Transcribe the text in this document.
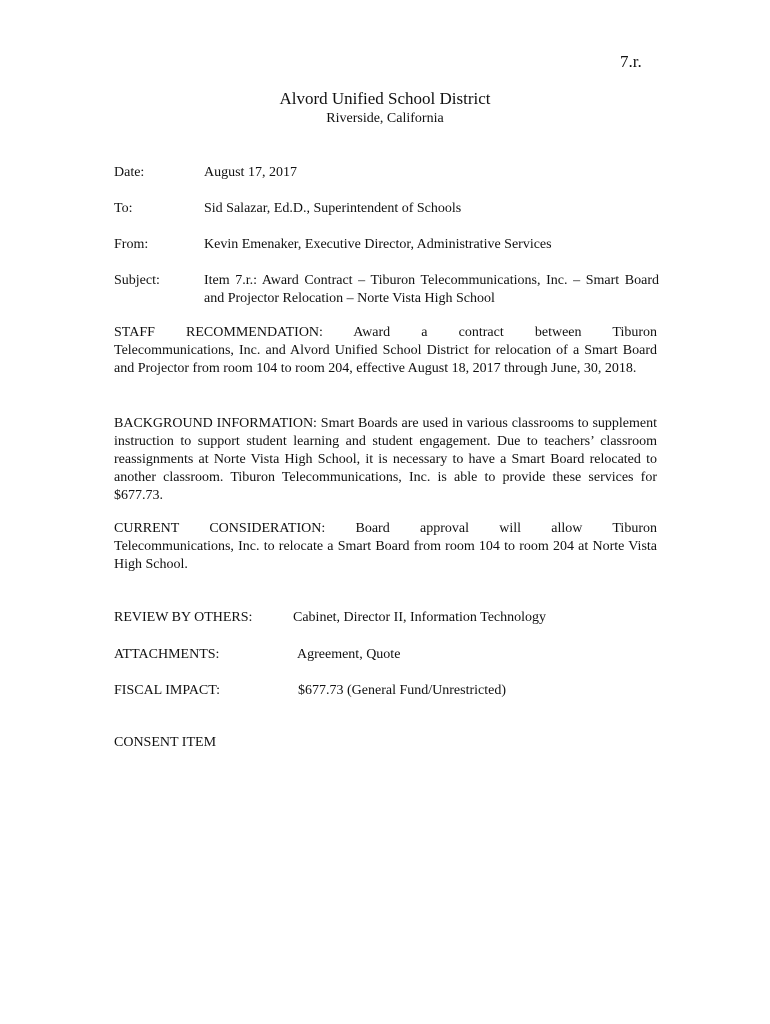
7.r.
Alvord Unified School District
Riverside, California
Date:	August 17, 2017
To:	Sid Salazar, Ed.D., Superintendent of Schools
From:	Kevin Emenaker, Executive Director, Administrative Services
Subject:	Item 7.r.: Award Contract – Tiburon Telecommunications, Inc. – Smart Board and Projector Relocation – Norte Vista High School
STAFF RECOMMENDATION: Award a contract between Tiburon
Telecommunications, Inc. and Alvord Unified School District for relocation of a Smart Board and Projector from room 104 to room 204, effective August 18, 2017 through June, 30, 2018.
BACKGROUND INFORMATION: Smart Boards are used in various classrooms to supplement instruction to support student learning and student engagement. Due to teachers’ classroom reassignments at Norte Vista High School, it is necessary to have a Smart Board relocated to another classroom. Tiburon Telecommunications, Inc. is able to provide these services for $677.73.
CURRENT CONSIDERATION: Board approval will allow Tiburon
Telecommunications, Inc. to relocate a Smart Board from room 104 to room 204 at Norte Vista High School.
REVIEW BY OTHERS:	Cabinet, Director II, Information Technology
ATTACHMENTS:	Agreement, Quote
FISCAL IMPACT:	$677.73 (General Fund/Unrestricted)
CONSENT ITEM
